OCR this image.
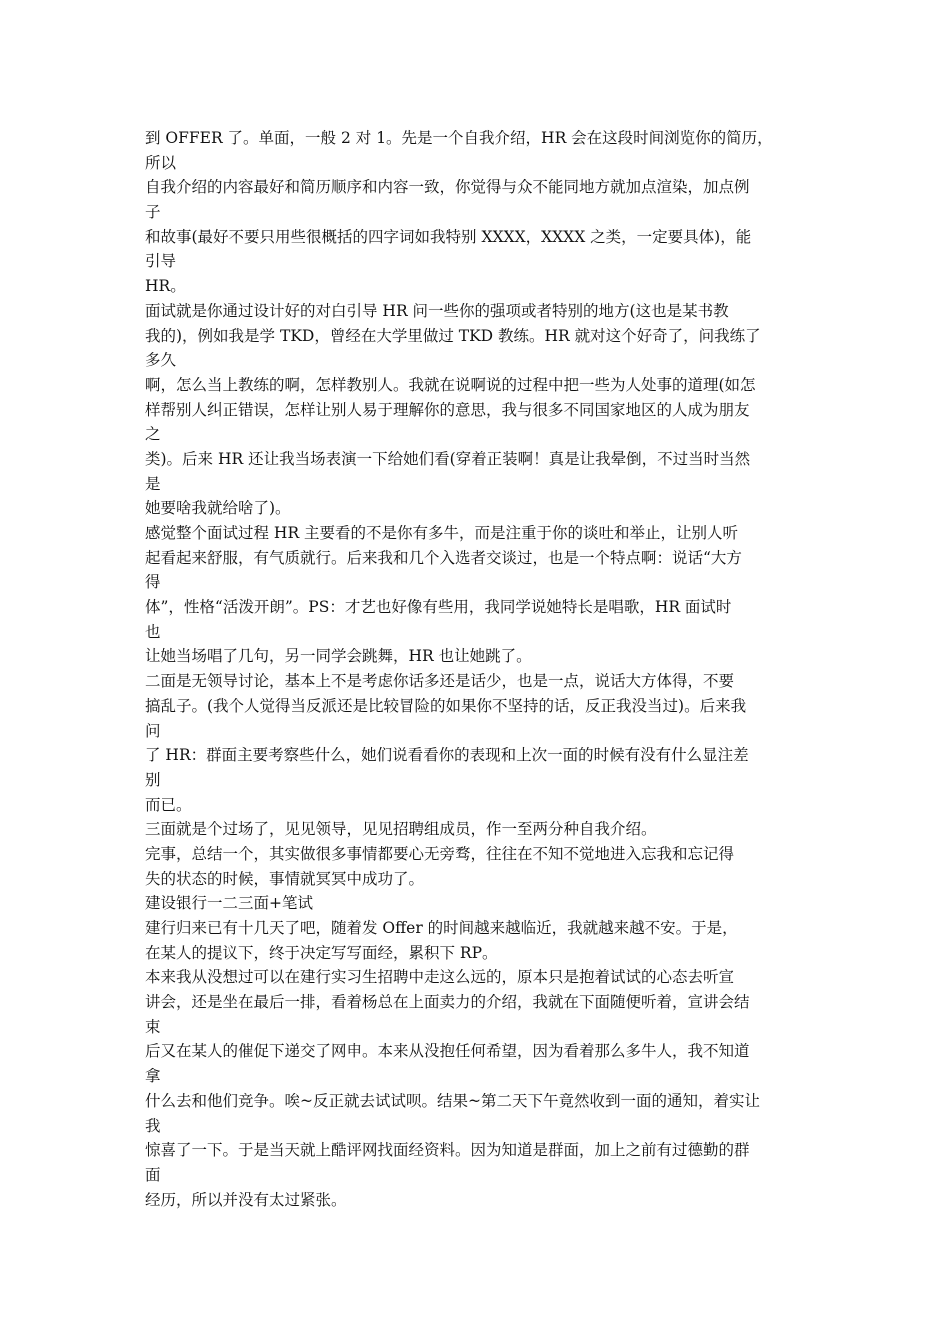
到 OFFER 了。单面，一般 2 对 1。先是一个自我介绍，HR 会在这段时间浏览你的简历，
所以
自我介绍的内容最好和简历顺序和内容一致，你觉得与众不能同地方就加点渲染，加点例
子
和故事(最好不要只用些很概括的四字词如我特别 XXXX，XXXX 之类，一定要具体)，能
引导
HR。
面试就是你通过设计好的对白引导 HR 问一些你的强项或者特别的地方(这也是某书教
我的)，例如我是学 TKD，曾经在大学里做过 TKD 教练。HR 就对这个好奇了，问我练了
多久
啊，怎么当上教练的啊，怎样教别人。我就在说啊说的过程中把一些为人处事的道理(如怎
样帮别人纠正错误，怎样让别人易于理解你的意思，我与很多不同国家地区的人成为朋友
之
类)。后来 HR 还让我当场表演一下给她们看(穿着正装啊！真是让我晕倒，不过当时当然
是
她要啥我就给啥了)。
感觉整个面试过程 HR 主要看的不是你有多牛，而是注重于你的谈吐和举止，让别人听
起看起来舒服，有气质就行。后来我和几个入选者交谈过，也是一个特点啊：说话“大方
得
体”，性格“活泼开朗”。PS：才艺也好像有些用，我同学说她特长是唱歌，HR 面试时
也
让她当场唱了几句，另一同学会跳舞，HR 也让她跳了。
二面是无领导讨论，基本上不是考虑你话多还是话少，也是一点，说话大方体得，不要
搞乱子。(我个人觉得当反派还是比较冒险的如果你不坚持的话，反正我没当过)。后来我
问
了 HR：群面主要考察些什么，她们说看看你的表现和上次一面的时候有没有什么显注差
别
而已。
三面就是个过场了，见见领导，见见招聘组成员，作一至两分种自我介绍。
完事，总结一个，其实做很多事情都要心无旁骛，往往在不知不觉地进入忘我和忘记得
失的状态的时候，事情就冥冥中成功了。
建设银行一二三面+笔试
建行归来已有十几天了吧，随着发 Offer 的时间越来越临近，我就越来越不安。于是，
在某人的提议下，终于决定写写面经，累积下 RP。
本来我从没想过可以在建行实习生招聘中走这么远的，原本只是抱着试试的心态去听宣
讲会，还是坐在最后一排，看着杨总在上面卖力的介绍，我就在下面随便听着，宣讲会结
束
后又在某人的催促下递交了网申。本来从没抱任何希望，因为看着那么多牛人，我不知道
拿
什么去和他们竞争。唉~反正就去试试呗。结果~第二天下午竟然收到一面的通知，着实让
我
惊喜了一下。于是当天就上酷评网找面经资料。因为知道是群面，加上之前有过德勤的群
面
经历，所以并没有太过紧张。
